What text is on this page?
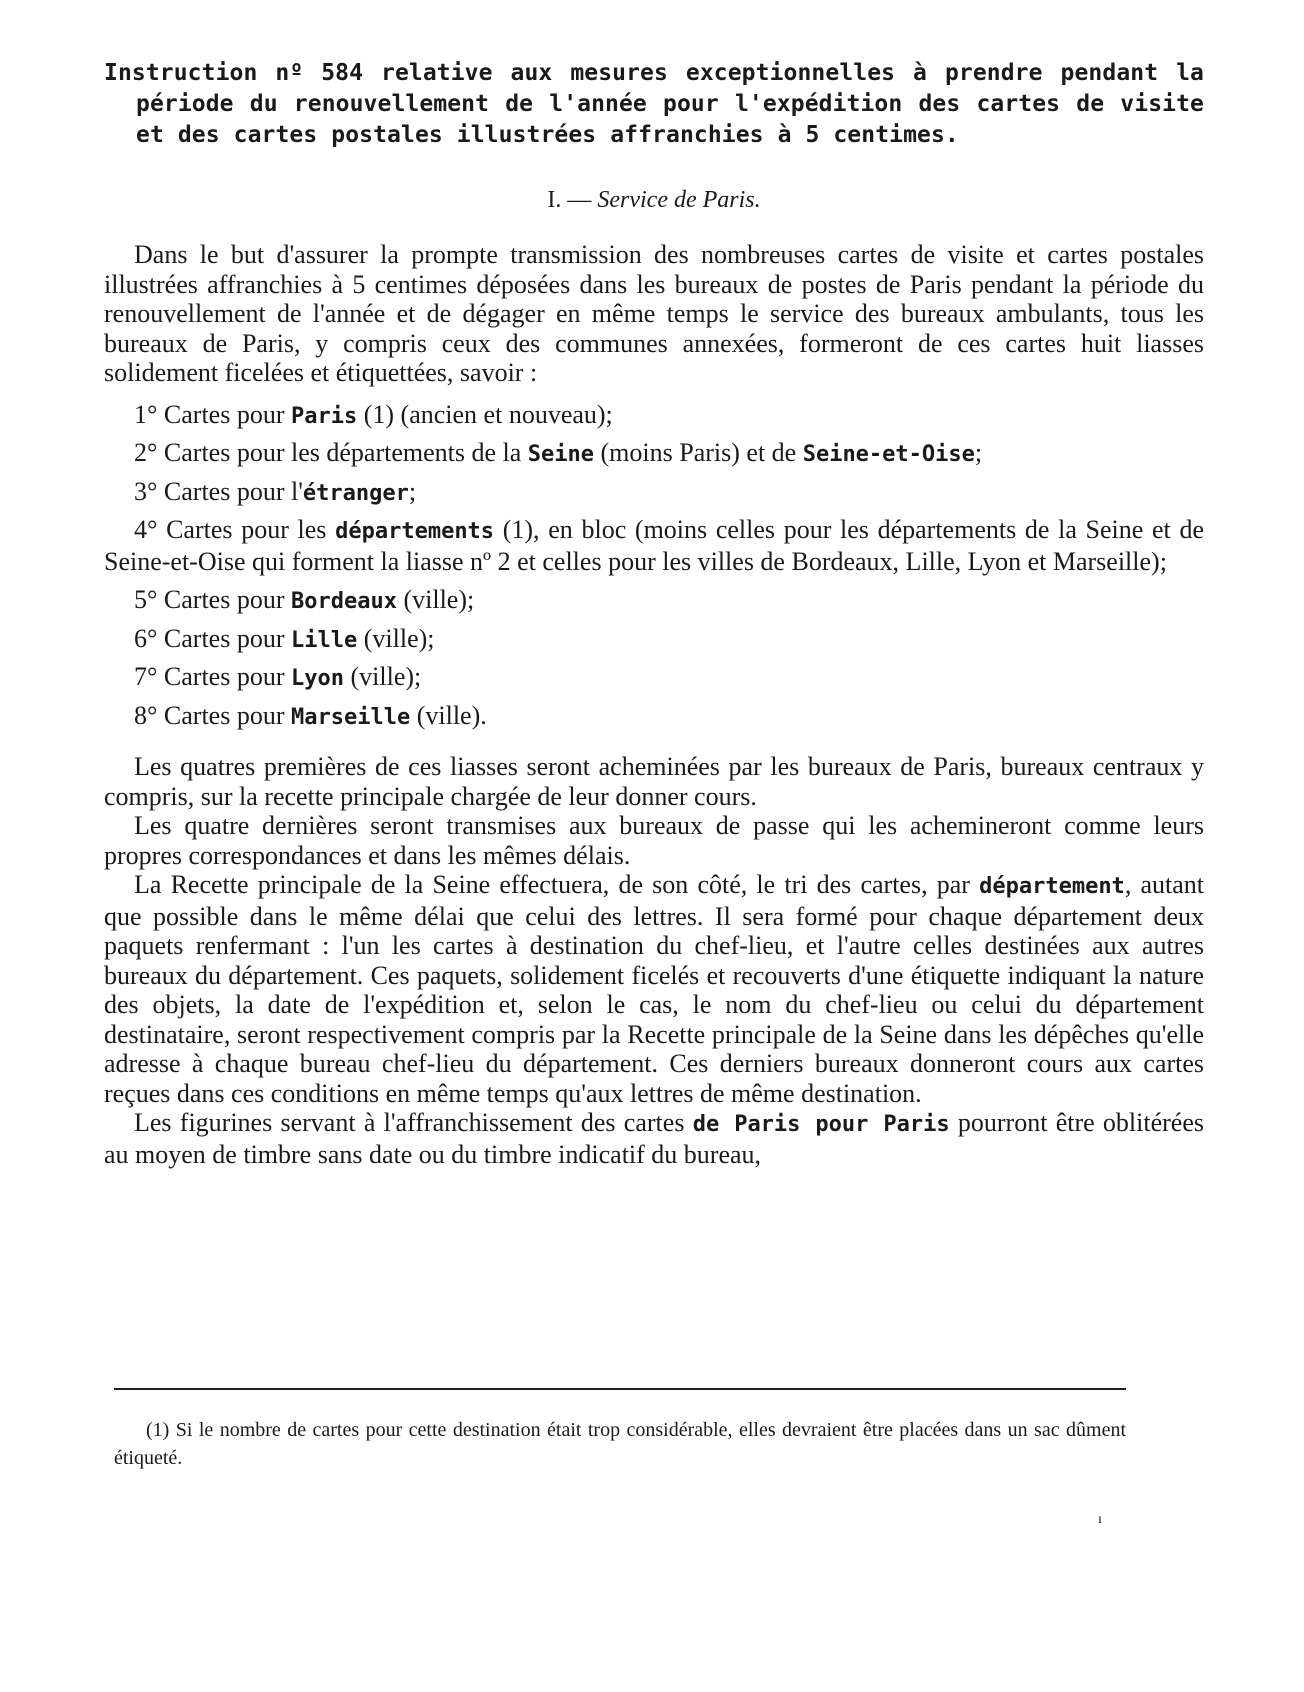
Instruction nº 584 relative aux mesures exceptionnelles à prendre pendant la période du renouvellement de l'année pour l'expédition des cartes de visite et des cartes postales illustrées affranchies à 5 centimes.

I. — Service de Paris.

Dans le but d'assurer la prompte transmission des nombreuses cartes de visite et cartes postales illustrées affranchies à 5 centimes déposées dans les bureaux de postes de Paris pendant la période du renouvellement de l'année et de dégager en même temps le service des bureaux ambulants, tous les bureaux de Paris, y compris ceux des communes annexées, formeront de ces cartes huit liasses solidement ficelées et étiquettées, savoir :

1° Cartes pour Paris (1) (ancien et nouveau);

2° Cartes pour les départements de la Seine (moins Paris) et de Seine-et-Oise;

3° Cartes pour l'étranger;

4° Cartes pour les départements (1), en bloc (moins celles pour les départements de la Seine et de Seine-et-Oise qui forment la liasse nº 2 et celles pour les villes de Bordeaux, Lille, Lyon et Marseille);

5° Cartes pour Bordeaux (ville);

6° Cartes pour Lille (ville);

7° Cartes pour Lyon (ville);

8° Cartes pour Marseille (ville).

Les quatres premières de ces liasses seront acheminées par les bureaux de Paris, bureaux centraux y compris, sur la recette principale chargée de leur donner cours.

Les quatre dernières seront transmises aux bureaux de passe qui les achemineront comme leurs propres correspondances et dans les mêmes délais.

La Recette principale de la Seine effectuera, de son côté, le tri des cartes, par département, autant que possible dans le même délai que celui des lettres. Il sera formé pour chaque département deux paquets renfermant : l'un les cartes à destination du chef-lieu, et l'autre celles destinées aux autres bureaux du département. Ces paquets, solidement ficelés et recouverts d'une étiquette indiquant la nature des objets, la date de l'expédition et, selon le cas, le nom du chef-lieu ou celui du département destinataire, seront respectivement compris par la Recette principale de la Seine dans les dépêches qu'elle adresse à chaque bureau chef-lieu du département. Ces derniers bureaux donneront cours aux cartes reçues dans ces conditions en même temps qu'aux lettres de même destination.

Les figurines servant à l'affranchissement des cartes de Paris pour Paris pourront être oblitérées au moyen de timbre sans date ou du timbre indicatif du bureau,

(1) Si le nombre de cartes pour cette destination était trop considérable, elles devraient être placées dans un sac dûment étiqueté.

ı
